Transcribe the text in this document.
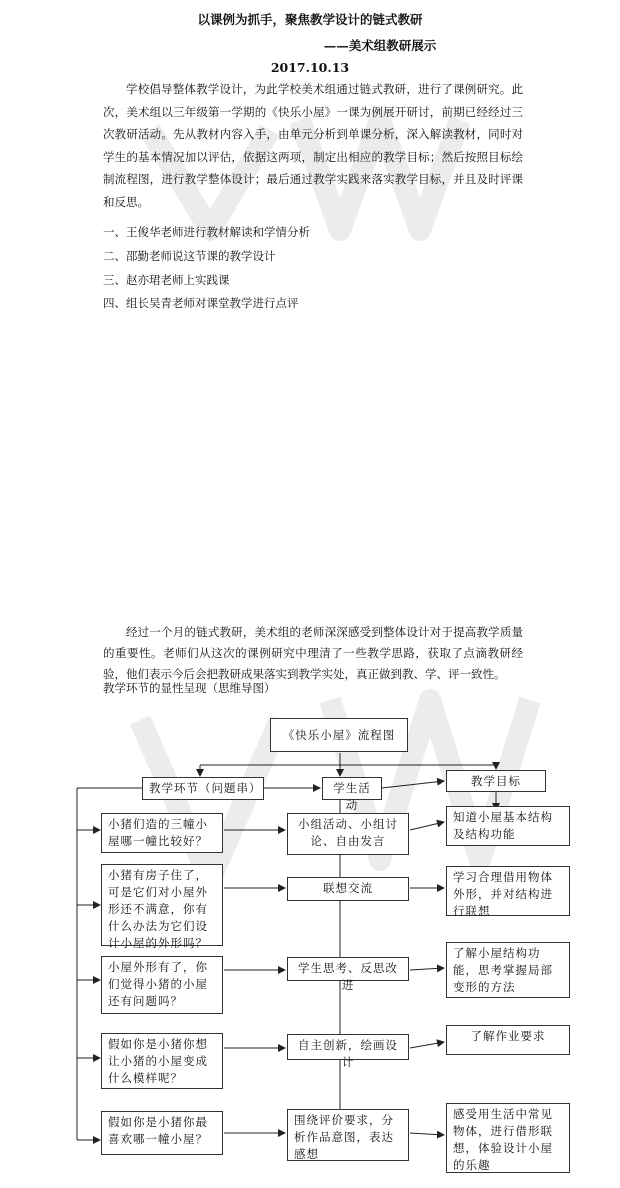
以课例为抓手，聚焦教学设计的链式教研
——美术组教研展示
2017.10.13

学校倡导整体教学设计，为此学校美术组通过链式教研，进行了课例研究。此次，美术组以三年级第一学期的《快乐小屋》一课为例展开研讨，前期已经经过三次教研活动。先从教材内容入手，由单元分析到单课分析，深入解读教材，同时对学生的基本情况加以评估，依据这两项，制定出相应的教学目标；然后按照目标绘制流程图，进行教学整体设计；最后通过教学实践来落实教学目标，并且及时评课和反思。

一、王俊华老师进行教材解读和学情分析
二、邵勤老师说这节课的教学设计
三、赵亦珺老师上实践课
四、组长吴青老师对课堂教学进行点评

经过一个月的链式教研，美术组的老师深深感受到整体设计对于提高教学质量的重要性。老师们从这次的课例研究中理清了一些教学思路，获取了点滴教研经验，他们表示今后会把教研成果落实到教学实处，真正做到教、学、评一致性。

教学环节的显性呈现（思维导图）
《快乐小屋》流程图
教学环节（问题串）	学生活动
教学目标
小猪们造的三幢小屋哪一幢比较好？
小组活动、小组讨论、自由发言
知道小屋基本结构及结构功能
小猪有房子住了，可是它们对小屋外形还不满意，你有什么办法为它们设计小屋的外形吗？
联想交流
学习合理借用物体外形，并对结构进行联想
小屋外形有了，你们觉得小猪的小屋还有问题吗？
学生思考、反思改进
了解小屋结构功能，思考掌握局部变形的方法
假如你是小猪你想让小猪的小屋变成什么模样呢？
自主创新，绘画设计
了解作业要求
假如你是小猪你最喜欢哪一幢小屋？
围绕评价要求，分析作品意图，表达感想
感受用生活中常见物体，进行借形联想，体验设计小屋的乐趣
